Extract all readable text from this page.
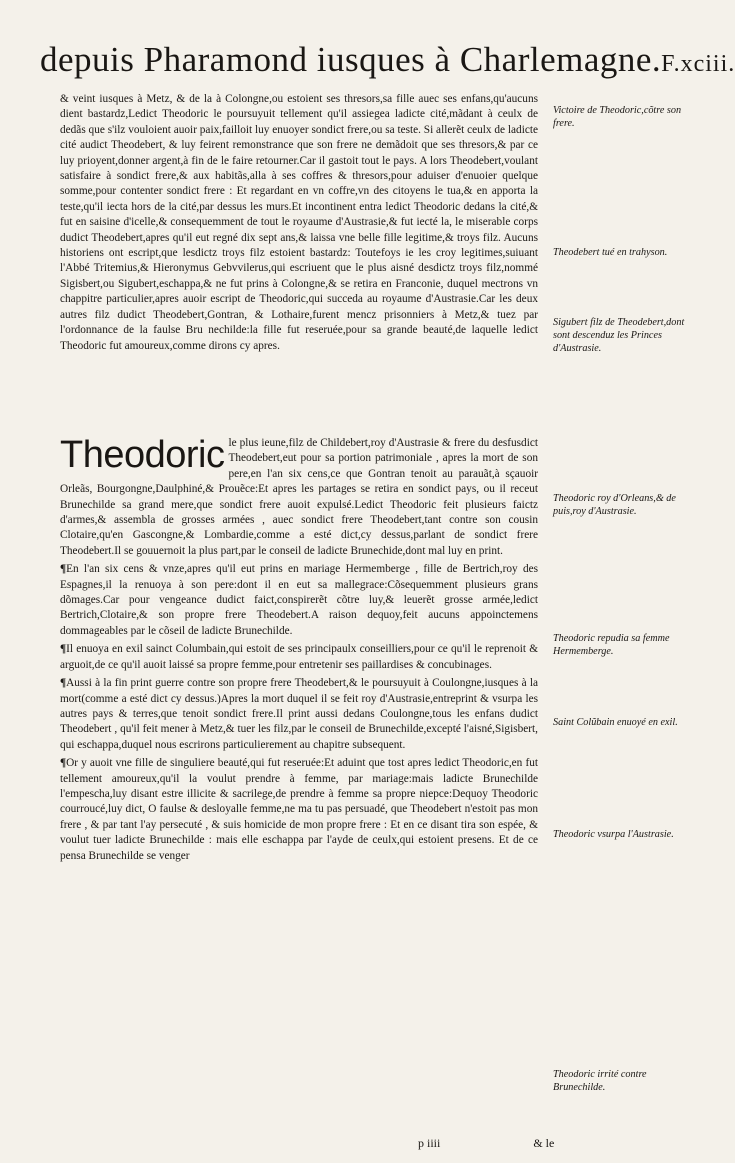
depuis Pharamond iusques à Charlemagne.F.xciii.

& veint iusques à Metz, & de la à Colongne,ou estoient ses thresors,sa fille auec ses enfans,qu'aucuns dient bastardz,Ledict Theodoric le poursuyuit tellement qu'il assiegea ladicte cité,mãdant à ceulx de dedãs que s'ilz vouloient auoir paix,failloit luy enuoyer sondict frere,ou sa teste. Si allerẽt ceulx de ladicte cité audict Theodebert, & luy feirent remonstrance que son frere ne demãdoit que ses thresors,& par ce luy prioyent,donner argent,à fin de le faire retourner.Car il gastoit tout le pays. A lors Theodebert,voulant satisfaire à sondict frere,& aux habitãs,alla à ses coffres & thresors,pour aduiser d'enuoier quelque somme,pour contenter sondict frere : Et regardant en vn coffre,vn des citoyens le tua,& en apporta la teste,qu'il iecta hors de la cité,par dessus les murs.Et incontinent entra ledict Theodoric dedans la cité,& fut en saisine d'icelle,& consequemment de tout le royaume d'Austrasie,& fut iecté la, le miserable corps dudict Theodebert,apres qu'il eut regné dix sept ans,& laissa vne belle fille legitime,& troys filz. Aucuns historiens ont escript,que lesdictz troys filz estoient bastardz: Toutefoys ie les croy legitimes,suiuant l'Abbé Tritemius,& Hieronymus Gebvvilerus,qui escriuent que le plus aisné desdictz troys filz,nommé Sigisbert,ou Sigubert,eschappa,& ne fut prins à Colongne,& se retira en Franconie, duquel mectrons vn chappitre particulier,apres auoir escript de Theodoric,qui succeda au royaume d'Austrasie.Car les deux autres filz dudict Theodebert,Gontran, & Lothaire,furent mencz prisonniers à Metz,& tuez par l'ordonnance de la faulse Bru nechilde:la fille fut reseruée,pour sa grande beauté,de laquelle ledict Theodoric fut amoureux,comme dirons cy apres.

Theodoric le plus ieune,filz de Childebert,roy d'Austrasie & frere du desfusdict Theodebert,eut pour sa portion patrimoniale , apres la mort de son pere,en l'an six cens,ce que Gontran tenoit au parauãt,à sçauoir Orleãs, Bourgongne,Daulphiné,& Prouẽce:Et apres les partages se retira en sondict pays, ou il receut Brunechilde sa grand mere,que sondict frere auoit expulsé.Ledict Theodoric feit plusieurs faictz d'armes,& assembla de grosses armées , auec sondict frere Theodebert,tant contre son cousin Clotaire,qu'en Gascongne,& Lombardie,comme a esté dict,cy dessus,parlant de sondict frere Theodebert.Il se gouuernoit la plus part,par le conseil de ladicte Brunechide,dont mal luy en print.

¶En l'an six cens & vnze,apres qu'il eut prins en mariage Hermemberge , fille de Bertrich,roy des Espagnes,il la renuoya à son pere:dont il en eut sa mallegrace:Cõsequemment plusieurs grans dõmages.Car pour vengeance dudict faict,conspirerẽt cõtre luy,& leuerẽt grosse armée,ledict Bertrich,Clotaire,& son propre frere Theodebert.A raison dequoy,feit aucuns appoinctemens dommageables par le cõseil de ladicte Brunechilde.

¶Il enuoya en exil sainct Columbain,qui estoit de ses principaulx conseilliers,pour ce qu'il le reprenoit & arguoit,de ce qu'il auoit laissé sa propre femme,pour entretenir ses paillardises & concubinages.

¶Aussi à la fin print guerre contre son propre frere Theodebert,& le poursuyuit à Coulongne,iusques à la mort(comme a esté dict cy dessus.)Apres la mort duquel il se feit roy d'Austrasie,entreprint & vsurpa les autres pays & terres,que tenoit sondict frere.Il print aussi dedans Coulongne,tous les enfans dudict Theodebert , qu'il feit mener à Metz,& tuer les filz,par le conseil de Brunechilde,excepté l'aisné,Sigisbert, qui eschappa,duquel nous escrirons particulierement au chapitre subsequent.

¶Or y auoit vne fille de singuliere beauté,qui fut reseruée:Et aduint que tost apres ledict Theodoric,en fut tellement amoureux,qu'il la voulut prendre à femme, par mariage:mais ladicte Brunechilde l'empescha,luy disant estre illicite & sacrilege,de prendre à femme sa propre niepce:Dequoy Theodoric courroucé,luy dict, O faulse & desloyalle femme,ne ma tu pas persuadé, que Theodebert n'estoit pas mon frere , & par tant l'ay persecuté , & suis homicide de mon propre frere : Et en ce disant tira son espée, & voulut tuer ladicte Brunechilde : mais elle eschappa par l'ayde de ceulx,qui estoient presens. Et de ce pensa Brunechilde se venger

Victoire de Theodoric,cõtre son frere.
Theodebert tué en trahyson.
Sigubert filz de Theodebert,dont sont descenduz les Princes d'Austrasie.
Theodoric roy d'Orleans,& de puis,roy d'Austrasie.
Theodoric repudia sa femme Hermemberge.
Saint Colũbain enuoyé en exil.
Theodoric vsurpa l'Austrasie.
Theodoric irrité contre Brunechilde.
p iiii	& le
